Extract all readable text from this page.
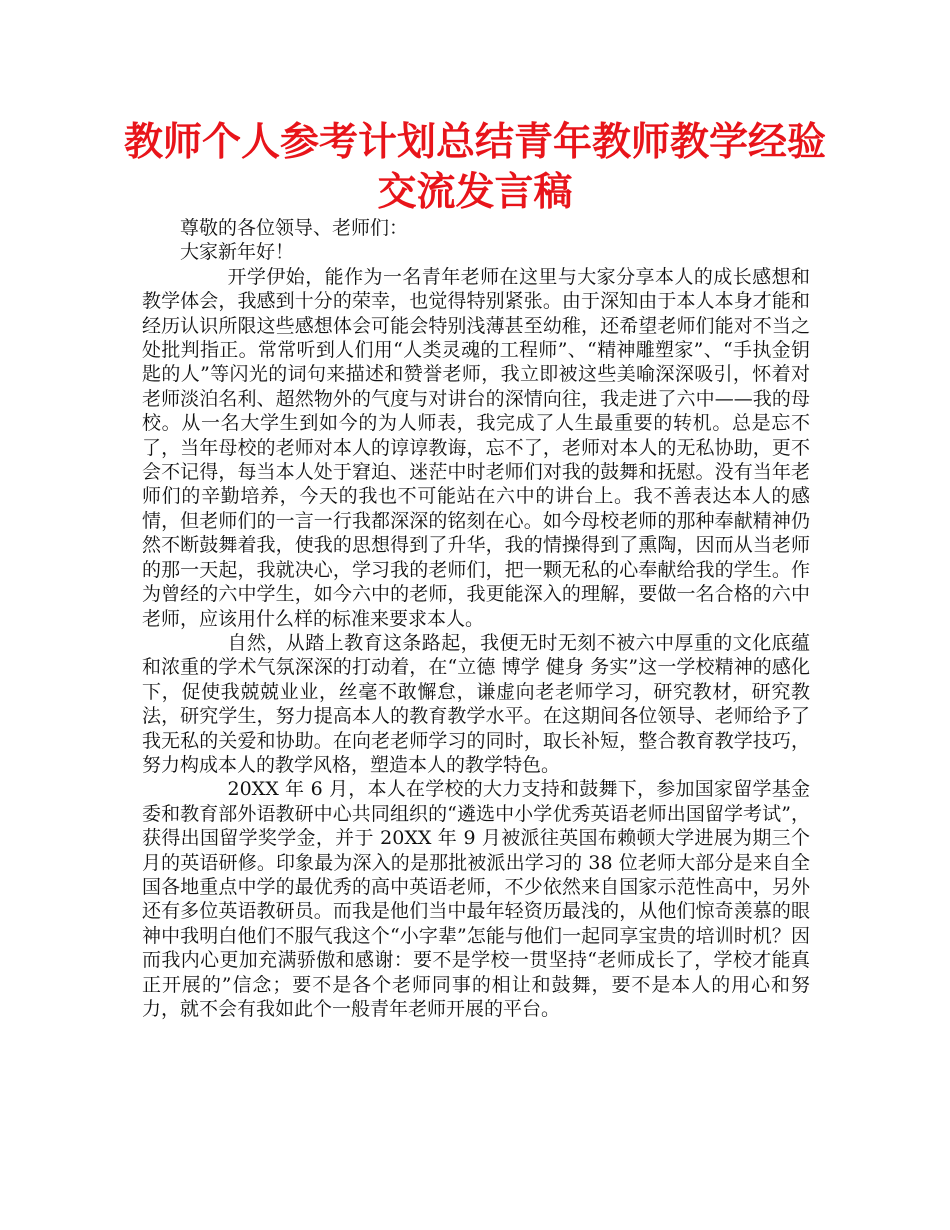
教师个人参考计划总结青年教师教学经验交流发言稿

尊敬的各位领导、老师们：

大家新年好！

开学伊始，能作为一名青年老师在这里与大家分享本人的成长感想和教学体会，我感到十分的荣幸，也觉得特别紧张。由于深知由于本人本身才能和经历认识所限这些感想体会可能会特别浅薄甚至幼稚，还希望老师们能对不当之处批判指正。常常听到人们用“人类灵魂的工程师”、“精神雕塑家”、“手执金钥匙的人”等闪光的词句来描述和赞誉老师，我立即被这些美喻深深吸引，怀着对老师淡泊名利、超然物外的气度与对讲台的深情向往，我走进了六中——我的母校。从一名大学生到如今的为人师表，我完成了人生最重要的转机。总是忘不了，当年母校的老师对本人的谆谆教诲，忘不了，老师对本人的无私协助，更不会不记得，每当本人处于窘迫、迷茫中时老师们对我的鼓舞和抚慰。没有当年老师们的辛勤培养，今天的我也不可能站在六中的讲台上。我不善表达本人的感情，但老师们的一言一行我都深深的铭刻在心。如今母校老师的那种奉献精神仍然不断鼓舞着我，使我的思想得到了升华，我的情操得到了熏陶，因而从当老师的那一天起，我就决心，学习我的老师们，把一颗无私的心奉献给我的学生。作为曾经的六中学生，如今六中的老师，我更能深入的理解，要做一名合格的六中老师，应该用什么样的标准来要求本人。

自然，从踏上教育这条路起，我便无时无刻不被六中厚重的文化底蕴和浓重的学术气氛深深的打动着，在“立德 博学 健身 务实”这一学校精神的感化下，促使我兢兢业业，丝毫不敢懈怠，谦虚向老老师学习，研究教材，研究教法，研究学生，努力提高本人的教育教学水平。在这期间各位领导、老师给予了我无私的关爱和协助。在向老老师学习的同时，取长补短，整合教育教学技巧，努力构成本人的教学风格，塑造本人的教学特色。

20XX 年 6 月，本人在学校的大力支持和鼓舞下，参加国家留学基金委和教育部外语教研中心共同组织的“遴选中小学优秀英语老师出国留学考试”，获得出国留学奖学金，并于 20XX 年 9 月被派往英国布赖顿大学进展为期三个月的英语研修。印象最为深入的是那批被派出学习的 38 位老师大部分是来自全国各地重点中学的最优秀的高中英语老师，不少依然来自国家示范性高中，另外还有多位英语教研员。而我是他们当中最年轻资历最浅的，从他们惊奇羡慕的眼神中我明白他们不服气我这个“小字辈”怎能与他们一起同享宝贵的培训时机？因而我内心更加充满骄傲和感谢：要不是学校一贯坚持“老师成长了，学校才能真正开展的”信念；要不是各个老师同事的相让和鼓舞，要不是本人的用心和努力，就不会有我如此个一般青年老师开展的平台。
